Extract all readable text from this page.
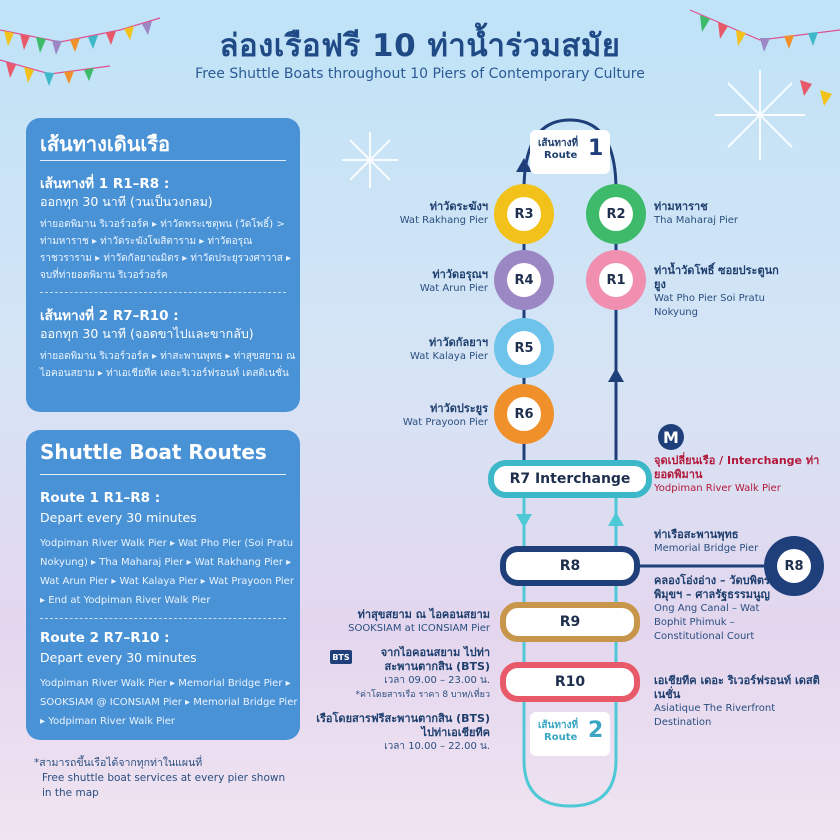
ล่องเรือฟรี 10 ท่าน้ำร่วมสมัย
Free Shuttle Boats throughout 10 Piers of Contemporary Culture
เส้นทางเดินเรือ
เส้นทางที่ 1 R1–R8 :
ออกทุก 30 นาที (วนเป็นวงกลม)
ท่ายอดพิมาน ริเวอร์วอร์ค ▸ ท่าวัดพระเชตุพน (วัดโพธิ์) > ท่ามหาราช ▸ ท่าวัดระฆังโฆสิตาราม ▸ ท่าวัดอรุณราชวราราม ▸ ท่าวัดกัลยาณมิตร ▸ ท่าวัดประยุรวงศาวาส ▸ จบที่ท่ายอดพิมาน ริเวอร์วอร์ค
เส้นทางที่ 2 R7–R10 :
ออกทุก 30 นาที (จอดขาไปและขากลับ)
ท่ายอดพิมาน ริเวอร์วอร์ค ▸ ท่าสะพานพุทธ ▸ ท่าสุขสยาม ณ ไอคอนสยาม ▸ ท่าเอเชียทีค เดอะริเวอร์ฟรอนท์ เดสติเนชั่น
Shuttle Boat Routes
Route 1 R1–R8 :
Depart every 30 minutes
Yodpiman River Walk Pier ▸ Wat Pho Pier (Soi Pratu Nokyung) ▸ Tha Maharaj Pier ▸ Wat Rakhang Pier ▸ Wat Arun Pier ▸ Wat Kalaya Pier ▸ Wat Prayoon Pier ▸ End at Yodpiman River Walk Pier
Route 2 R7–R10 :
Depart every 30 minutes
Yodpiman River Walk Pier ▸ Memorial Bridge Pier ▸ SOOKSIAM @ ICONSIAM Pier ▸ Memorial Bridge Pier ▸ Yodpiman River Walk Pier
*สามารถขึ้นเรือได้จากทุกท่าในแผนที่
Free shuttle boat services at every pier shown in the map
เส้นทางที่
Route 1
เส้นทางที่
Route 2
R3
R4
R5
R6
R2
R1
R7 Interchange
R8
R9
R10
R8
M
ท่าวัดระฆังฯ
Wat Rakhang Pier
ท่าวัดอรุณฯ
Wat Arun Pier
ท่าวัดกัลยาฯ
Wat Kalaya Pier
ท่าวัดประยูร
Wat Prayoon Pier
ท่ามหาราช
Tha Maharaj Pier
ท่าน้ำวัดโพธิ์ ซอยประตูนกยูง
Wat Pho Pier Soi Pratu Nokyung
จุดเปลี่ยนเรือ / Interchange ท่ายอดพิมาน
Yodpiman River Walk Pier
ท่าเรือสะพานพุทธ
Memorial Bridge Pier
คลองโอ่งอ่าง – วัดบพิตรพิมุขฯ – ศาลรัฐธรรมนูญ
Ong Ang Canal – Wat Bophit Phimuk – Constitutional Court
เอเชียทีค เดอะ ริเวอร์ฟรอนท์ เดสติเนชั่น
Asiatique The Riverfront Destination
ท่าสุขสยาม ณ ไอคอนสยาม
SOOKSIAM at ICONSIAM Pier
BTS	จากไอคอนสยาม ไปท่าสะพานตากสิน (BTS)
เวลา 09.00 – 23.00 น.
*ค่าโดยสารเรือ ราคา 8 บาท/เที่ยว
เรือโดยสารฟรีสะพานตากสิน (BTS) ไปท่าเอเชียทีค
เวลา 10.00 – 22.00 น.
